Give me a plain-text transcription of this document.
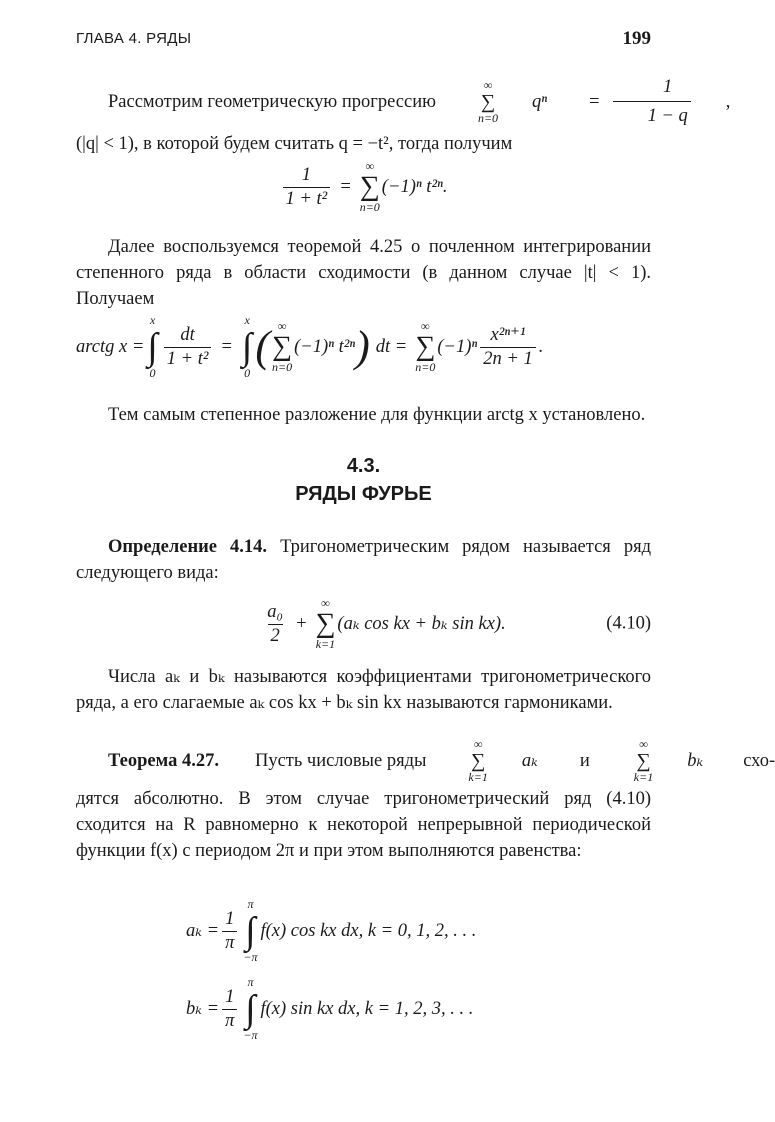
ГЛАВА 4. РЯДЫ	199
Рассмотрим геометрическую прогрессию
∞
∑
n=0
qⁿ	= $\frac{1}{1 - q}$	,
(|q| < 1), в которой будем считать q = −t², тогда получим
$\frac{1}{\text{1 + t²}}$ =
∞
∑
n=0
(−1)ⁿ t²ⁿ.

Далее воспользуемся теоремой 4.25 о почленном интегрировании степенного ряда в области сходимости (в данном случае |t| < 1). Получаем

arctg x =
x
∫
0
$\frac{dt}{\text{1 + t²}}$ =
x
∫
0
( ∞
∑
n=0
(−1)ⁿ t²ⁿ ) dt =
∞
∑
n=0
$(-1)^n \frac{\text{x²ⁿ⁺¹}}{2n + 1}$ .

Тем самым степенное разложение для функции arctg x установлено.

4.3.
РЯДЫ ФУРЬЕ

Определение 4.14. Тригонометрическим рядом называется ряд следующего вида:

$\frac{\text{a₀}}{2}$ +
∞
∑
k=1
(aₖ cos kx + bₖ sin kx).	(4.10)

Числа aₖ и bₖ называются коэффициентами тригонометрического ряда, а его слагаемые aₖ cos kx + bₖ sin kx называются гармониками.

Теорема 4.27.	Пусть числовые ряды
∞
∑
k=1
aₖ	и
∞
∑
k=1
bₖ	схо-

дятся абсолютно. В этом случае тригонометрический ряд (4.10) сходится на R равномерно к некоторой непрерывной периодической функции f(x) с периодом 2π и при этом выполняются равенства:

$a_k = \frac{1}{\pi}$
π
∫
−π
f(x) cos kx dx, k = 0, 1, 2, . . .
$b_k = \frac{1}{\pi}$
π
∫
−π
f(x) sin kx dx, k = 1, 2, 3, . . .
